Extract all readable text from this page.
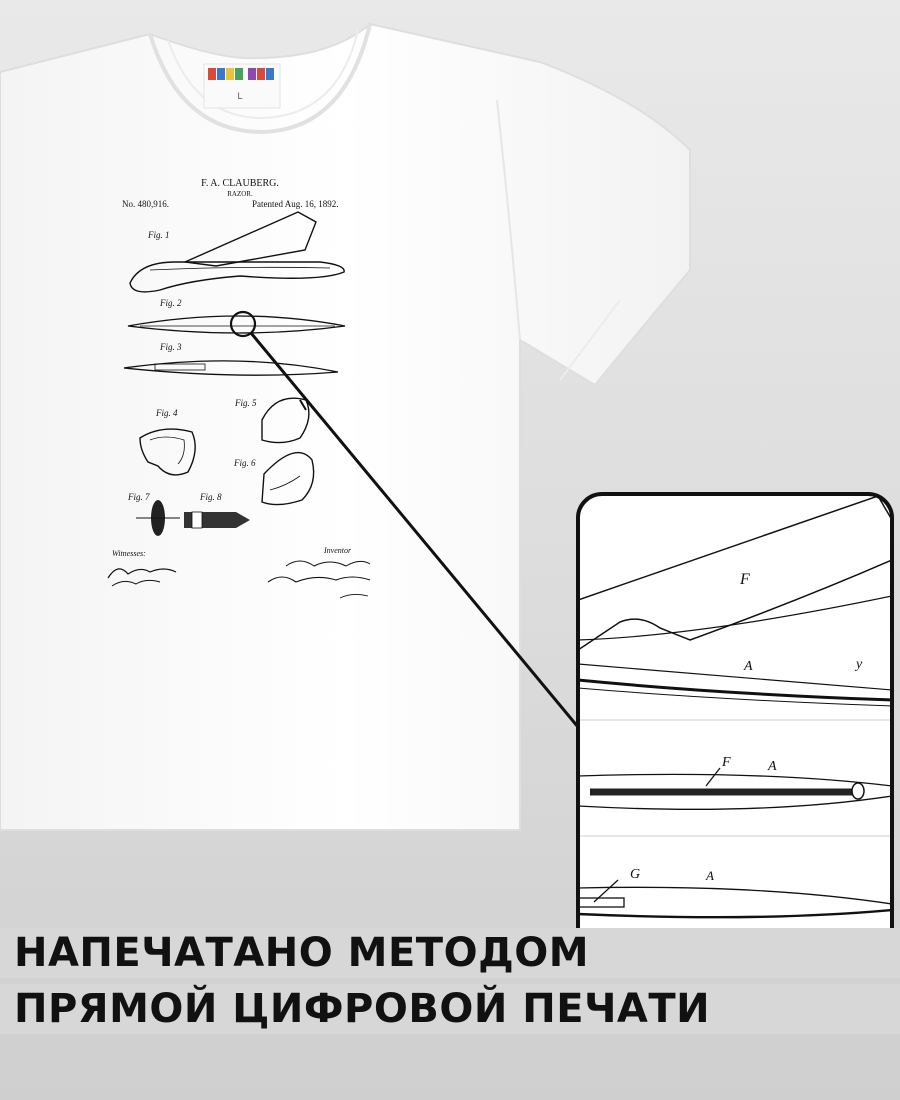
L
F. A. CLAUBERG.
RAZOR.
No. 480,916.	Patented Aug. 16, 1892.
Fig. 1
Fig. 2
Fig. 3
Fig. 4
Fig. 5
Fig. 6
Fig. 7	Fig. 8
Witnesses:	Inventor
F
A	y
F	A
G	A
НАПЕЧАТАНО МЕТОДОМ
ПРЯМОЙ ЦИФРОВОЙ ПЕЧАТИ
